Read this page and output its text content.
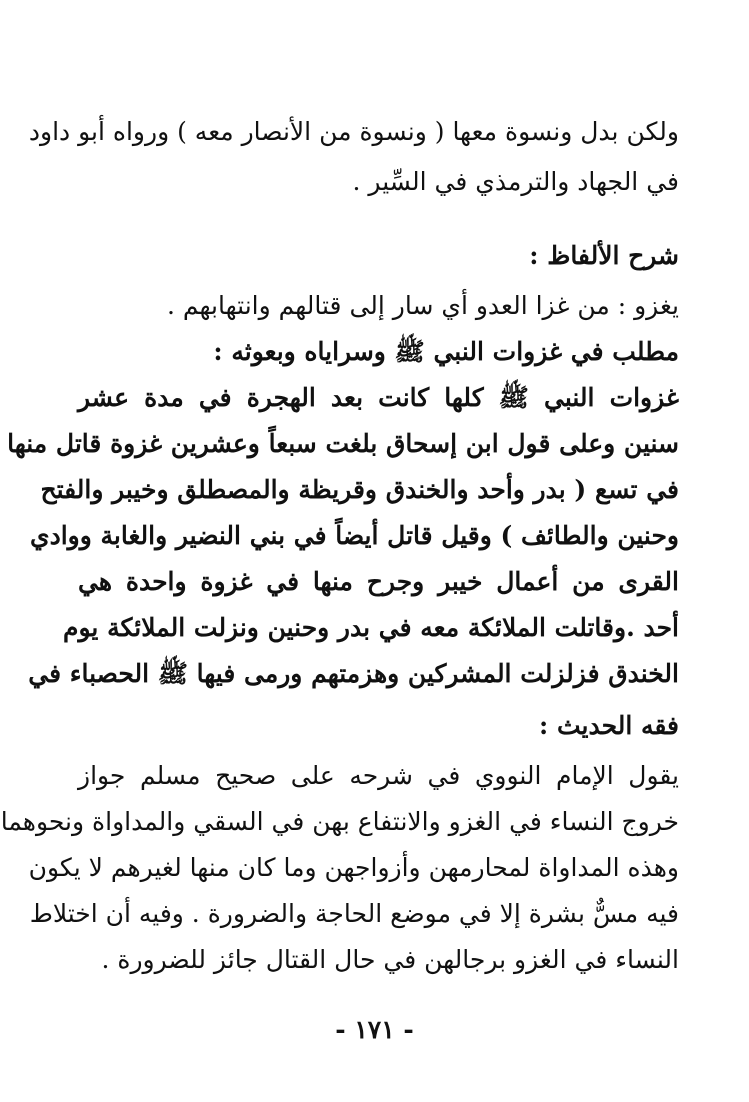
ولكن بدل ونسوة معها ( ونسوة من الأنصار معه ) ورواه أبو داود
في الجهاد والترمذي في السِّير .
شرح الألفاظ :
يغزو : من غزا العدو أي سار إلى قتالهم وانتهابهم .
مطلب في غزوات النبي ﷺ وسراياه وبعوثه :
غزوات النبي ﷺ كلها كانت بعد الهجرة في مدة عشر
سنين وعلى قول ابن إسحاق بلغت سبعاً وعشرين غزوة قاتل منها
في تسع ( بدر وأحد والخندق وقريظة والمصطلق وخيبر والفتح
وحنين والطائف ) وقيل قاتل أيضاً في بني النضير والغابة ووادي
القرى من أعمال خيبر وجرح منها في غزوة واحدة هي
أحد .وقاتلت الملائكة معه في بدر وحنين ونزلت الملائكة يوم
الخندق فزلزلت المشركين وهزمتهم ورمى فيها ﷺ الحصباء في
فقه الحديث :
يقول الإمام النووي في شرحه على صحيح مسلم جواز
خروج النساء في الغزو والانتفاع بهن في السقي والمداواة ونحوهما
وهذه المداواة لمحارمهن وأزواجهن وما كان منها لغيرهم لا يكون
فيه مسٌّ بشرة إلا في موضع الحاجة والضرورة . وفيه أن اختلاط
النساء في الغزو برجالهن في حال القتال جائز للضرورة .
- ١٧١ -
